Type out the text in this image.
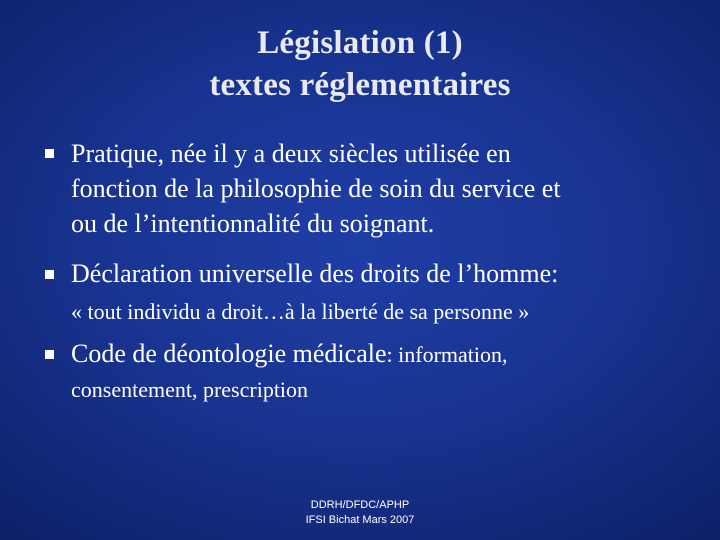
Législation (1)
textes réglementaires
Pratique, née il y a deux siècles utilisée en
fonction de la philosophie de soin du service et
ou de l’intentionnalité du soignant.
Déclaration universelle des droits de l’homme:
« tout individu a droit…à la liberté de sa personne »
Code de déontologie médicale: information,
consentement, prescription
DDRH/DFDC/APHP
IFSI Bichat Mars 2007
